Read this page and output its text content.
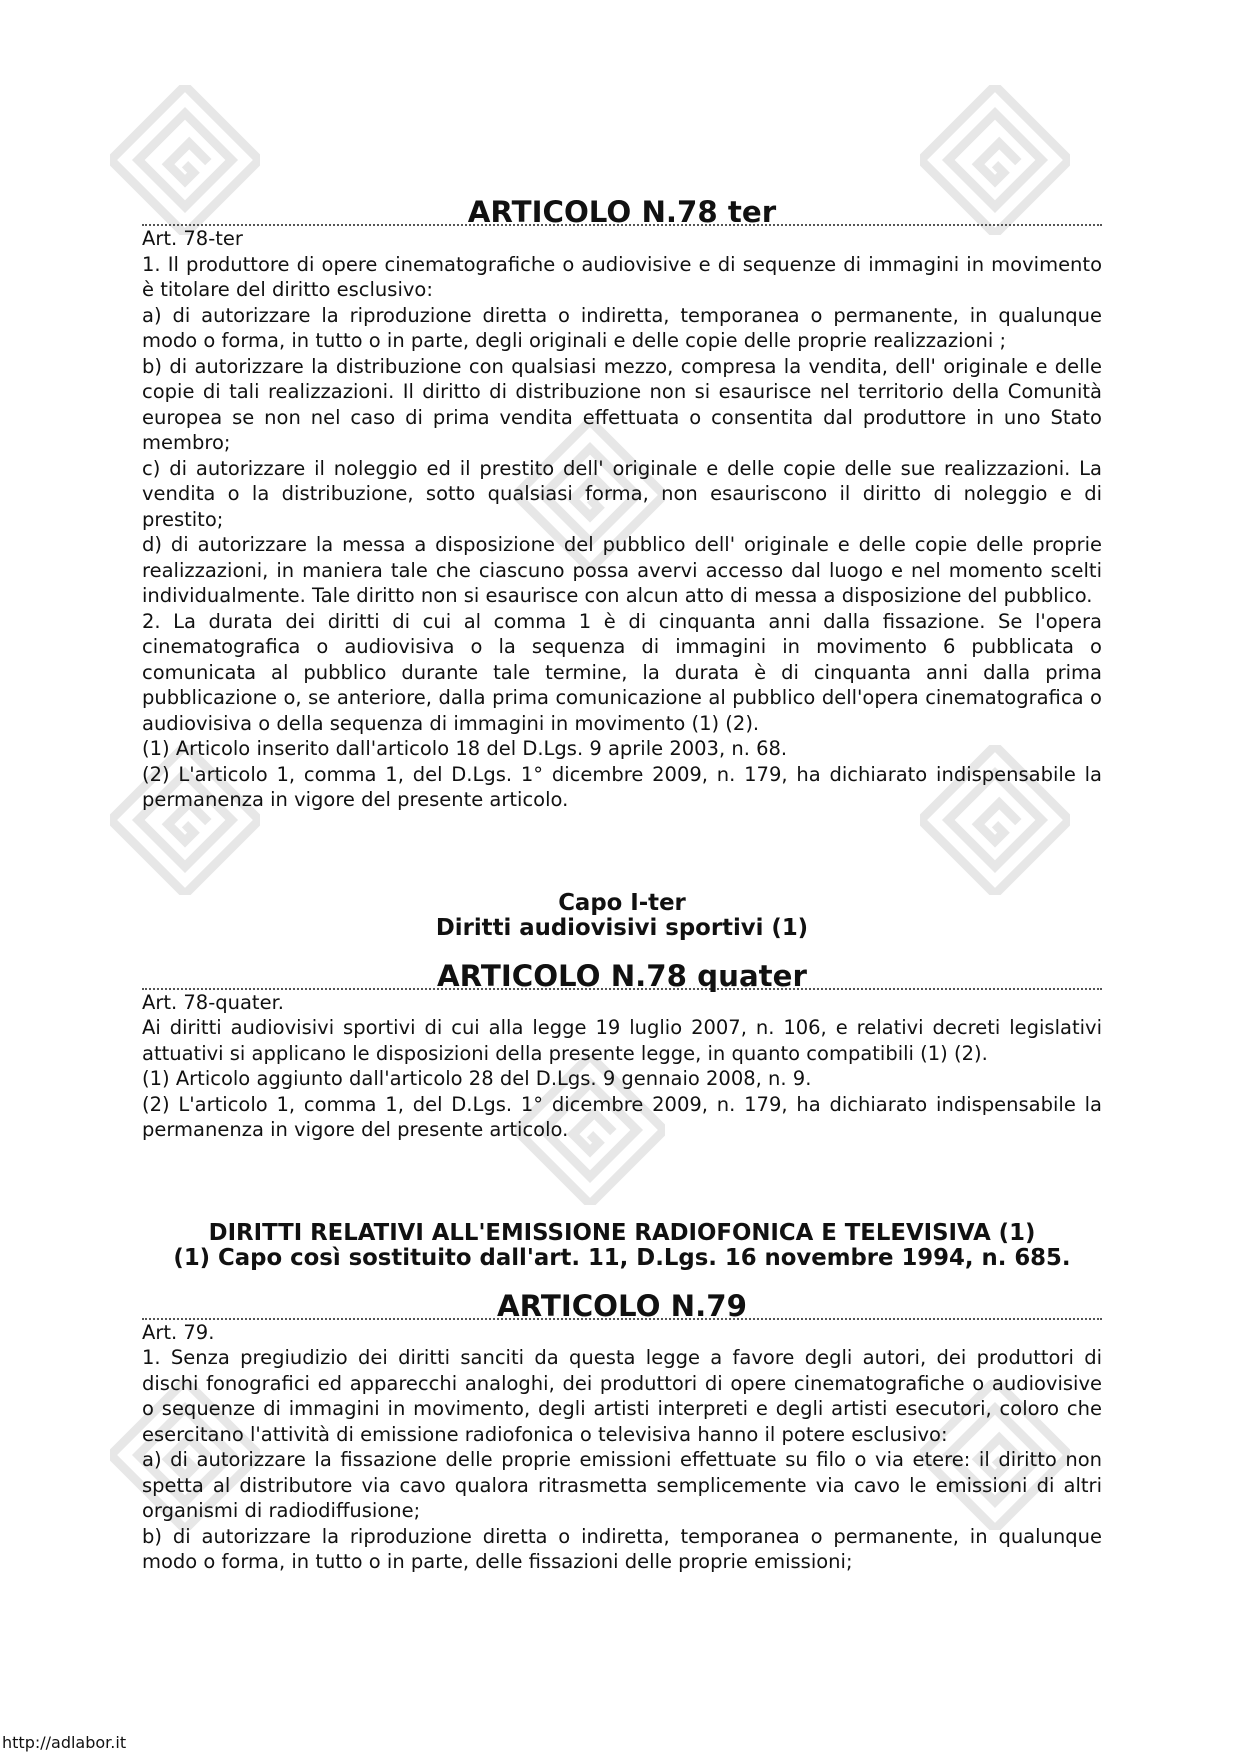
ARTICOLO N.78 ter

Art. 78-ter

1. Il produttore di opere cinematografiche o audiovisive e di sequenze di immagini in movimento è titolare del diritto esclusivo:

a) di autorizzare la riproduzione diretta o indiretta, temporanea o permanente, in qualunque modo o forma, in tutto o in parte, degli originali e delle copie delle proprie realizzazioni ;

b) di autorizzare la distribuzione con qualsiasi mezzo, compresa la vendita, dell' originale e delle copie di tali realizzazioni. Il diritto di distribuzione non si esaurisce nel territorio della Comunità europea se non nel caso di prima vendita effettuata o consentita dal produttore in uno Stato membro;

c) di autorizzare il noleggio ed il prestito dell' originale e delle copie delle sue realizzazioni. La vendita o la distribuzione, sotto qualsiasi forma, non esauriscono il diritto di noleggio e di prestito;

d) di autorizzare la messa a disposizione del pubblico dell' originale e delle copie delle proprie realizzazioni, in maniera tale che ciascuno possa avervi accesso dal luogo e nel momento scelti individualmente. Tale diritto non si esaurisce con alcun atto di messa a disposizione del pubblico.

2. La durata dei diritti di cui al comma 1 è di cinquanta anni dalla fissazione. Se l'opera cinematografica o audiovisiva o la sequenza di immagini in movimento 6 pubblicata o comunicata al pubblico durante tale termine, la durata è di cinquanta anni dalla prima pubblicazione o, se anteriore, dalla prima comunicazione al pubblico dell'opera cinematografica o audiovisiva o della sequenza di immagini in movimento (1) (2).

(1) Articolo inserito dall'articolo 18 del D.Lgs. 9 aprile 2003, n. 68.

(2) L'articolo 1, comma 1, del D.Lgs. 1° dicembre 2009, n. 179, ha dichiarato indispensabile la permanenza in vigore del presente articolo.

Capo I-ter
Diritti audiovisivi sportivi (1)
ARTICOLO N.78 quater

Art. 78-quater.

Ai diritti audiovisivi sportivi di cui alla legge 19 luglio 2007, n. 106, e relativi decreti legislativi attuativi si applicano le disposizioni della presente legge, in quanto compatibili (1) (2).

(1) Articolo aggiunto dall'articolo 28 del D.Lgs. 9 gennaio 2008, n. 9.

(2) L'articolo 1, comma 1, del D.Lgs. 1° dicembre 2009, n. 179, ha dichiarato indispensabile la permanenza in vigore del presente articolo.

DIRITTI RELATIVI ALL'EMISSIONE RADIOFONICA E TELEVISIVA (1)
(1) Capo così sostituito dall'art. 11, D.Lgs. 16 novembre 1994, n. 685.
ARTICOLO N.79

Art. 79.

1. Senza pregiudizio dei diritti sanciti da questa legge a favore degli autori, dei produttori di dischi fonografici ed apparecchi analoghi, dei produttori di opere cinematografiche o audiovisive o sequenze di immagini in movimento, degli artisti interpreti e degli artisti esecutori, coloro che esercitano l'attività di emissione radiofonica o televisiva hanno il potere esclusivo:

a) di autorizzare la fissazione delle proprie emissioni effettuate su filo o via etere: il diritto non spetta al distributore via cavo qualora ritrasmetta semplicemente via cavo le emissioni di altri organismi di radiodiffusione;

b) di autorizzare la riproduzione diretta o indiretta, temporanea o permanente, in qualunque modo o forma, in tutto o in parte, delle fissazioni delle proprie emissioni;

http://adlabor.it
